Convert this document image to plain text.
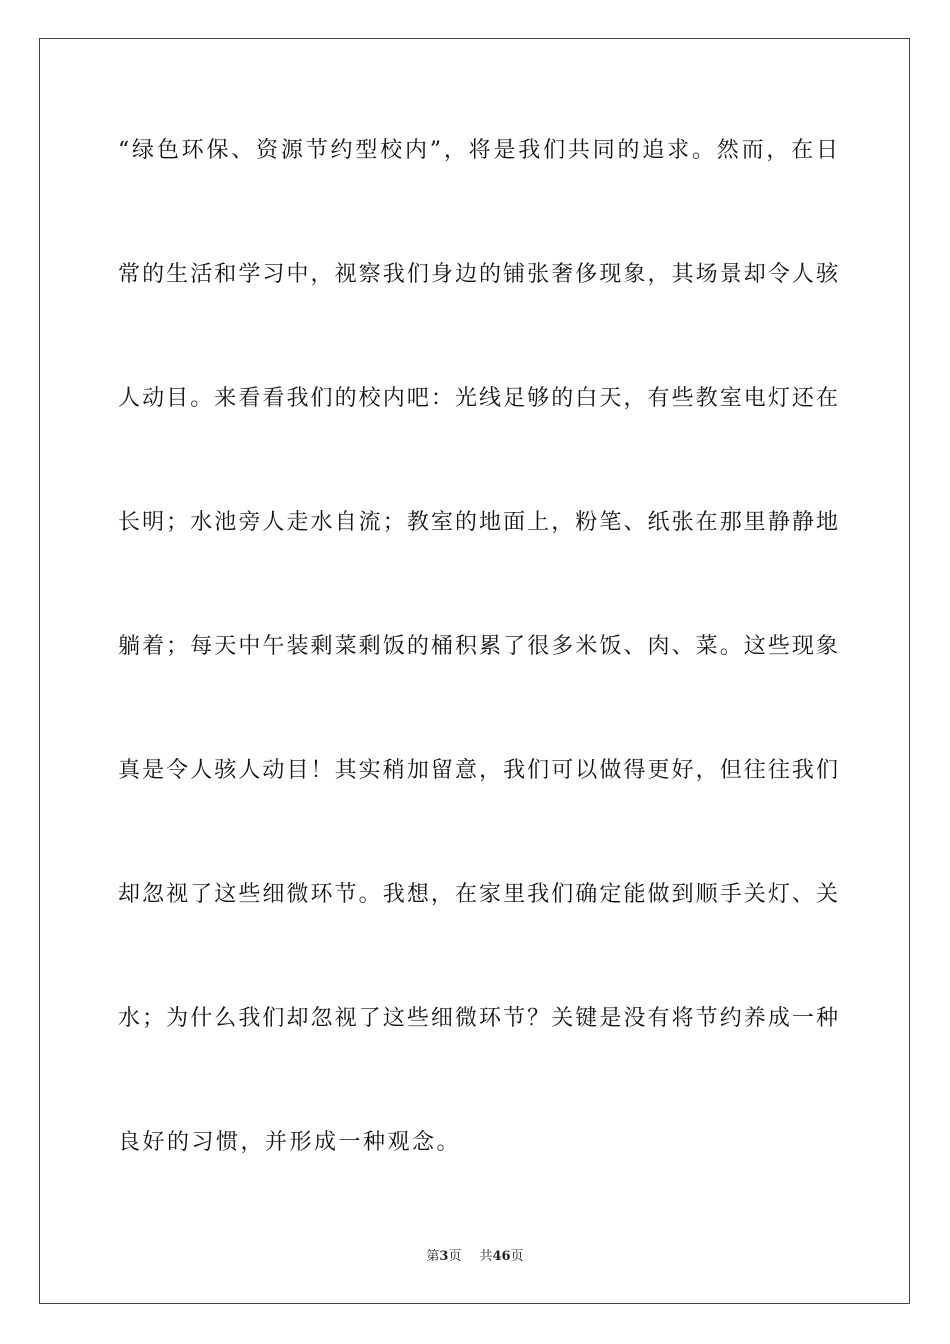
“绿色环保、资源节约型校内”，将是我们共同的追求。然而，在日
常的生活和学习中，视察我们身边的铺张奢侈现象，其场景却令人骇
人动目。来看看我们的校内吧：光线足够的白天，有些教室电灯还在
长明；水池旁人走水自流；教室的地面上，粉笔、纸张在那里静静地
躺着；每天中午装剩菜剩饭的桶积累了很多米饭、肉、菜。这些现象
真是令人骇人动目！其实稍加留意，我们可以做得更好，但往往我们
却忽视了这些细微环节。我想，在家里我们确定能做到顺手关灯、关
水；为什么我们却忽视了这些细微环节？关键是没有将节约养成一种
良好的习惯，并形成一种观念。
第3页 共46页
